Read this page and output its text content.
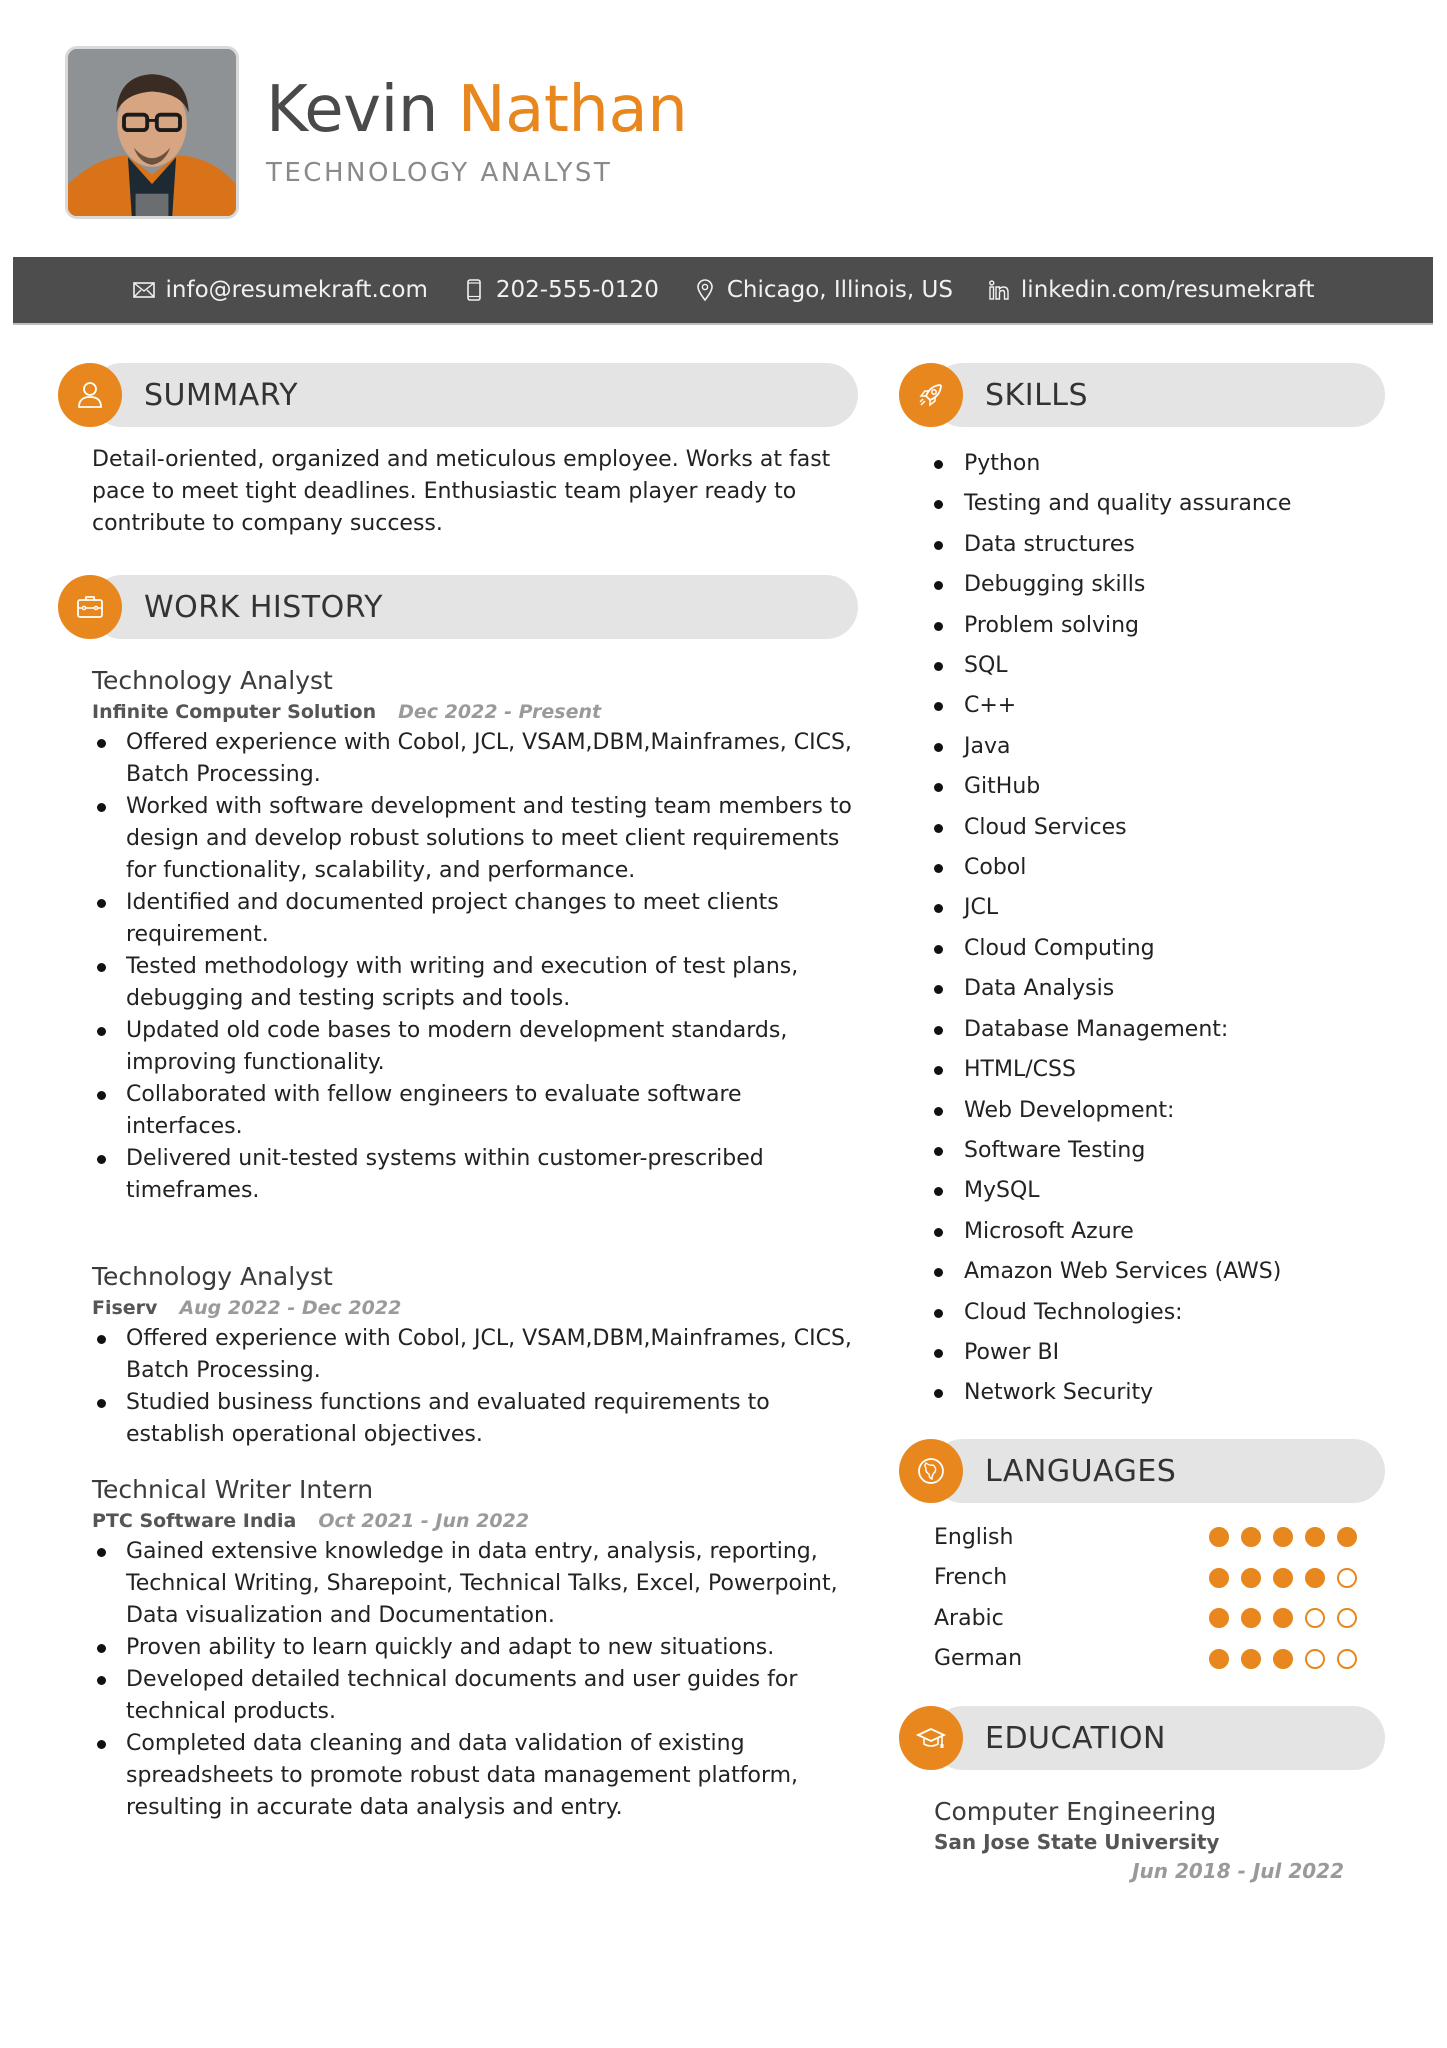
Kevin Nathan
TECHNOLOGY ANALYST
info@resumekraft.com	202-555-0120	Chicago, Illinois, US	linkedin.com/resumekraft
SUMMARY

Detail-oriented, organized and meticulous employee. Works at fast pace to meet tight deadlines. Enthusiastic team player ready to contribute to company success.

WORK HISTORY
Technology Analyst
Infinite Computer Solution Dec 2022 - Present
Offered experience with Cobol, JCL, VSAM,DBM,Mainframes, CICS, Batch Processing.
Worked with software development and testing team members to design and develop robust solutions to meet client requirements for functionality, scalability, and performance.
Identified and documented project changes to meet clients requirement.
Tested methodology with writing and execution of test plans, debugging and testing scripts and tools.
Updated old code bases to modern development standards, improving functionality.
Collaborated with fellow engineers to evaluate software interfaces.
Delivered unit-tested systems within customer-prescribed timeframes.
Technology Analyst
Fiserv Aug 2022 - Dec 2022
Offered experience with Cobol, JCL, VSAM,DBM,Mainframes, CICS, Batch Processing.
Studied business functions and evaluated requirements to establish operational objectives.
Technical Writer Intern
PTC Software India Oct 2021 - Jun 2022
Gained extensive knowledge in data entry, analysis, reporting, Technical Writing, Sharepoint, Technical Talks, Excel, Powerpoint, Data visualization and Documentation.
Proven ability to learn quickly and adapt to new situations.
Developed detailed technical documents and user guides for technical products.
Completed data cleaning and data validation of existing spreadsheets to promote robust data management platform, resulting in accurate data analysis and entry.
SKILLS
Python
Testing and quality assurance
Data structures
Debugging skills
Problem solving
SQL
C++
Java
GitHub
Cloud Services
Cobol
JCL
Cloud Computing
Data Analysis
Database Management:
HTML/CSS
Web Development:
Software Testing
MySQL
Microsoft Azure
Amazon Web Services (AWS)
Cloud Technologies:
Power BI
Network Security
LANGUAGES
English
French
Arabic
German
EDUCATION
Computer Engineering
San Jose State University
Jun 2018 - Jul 2022
